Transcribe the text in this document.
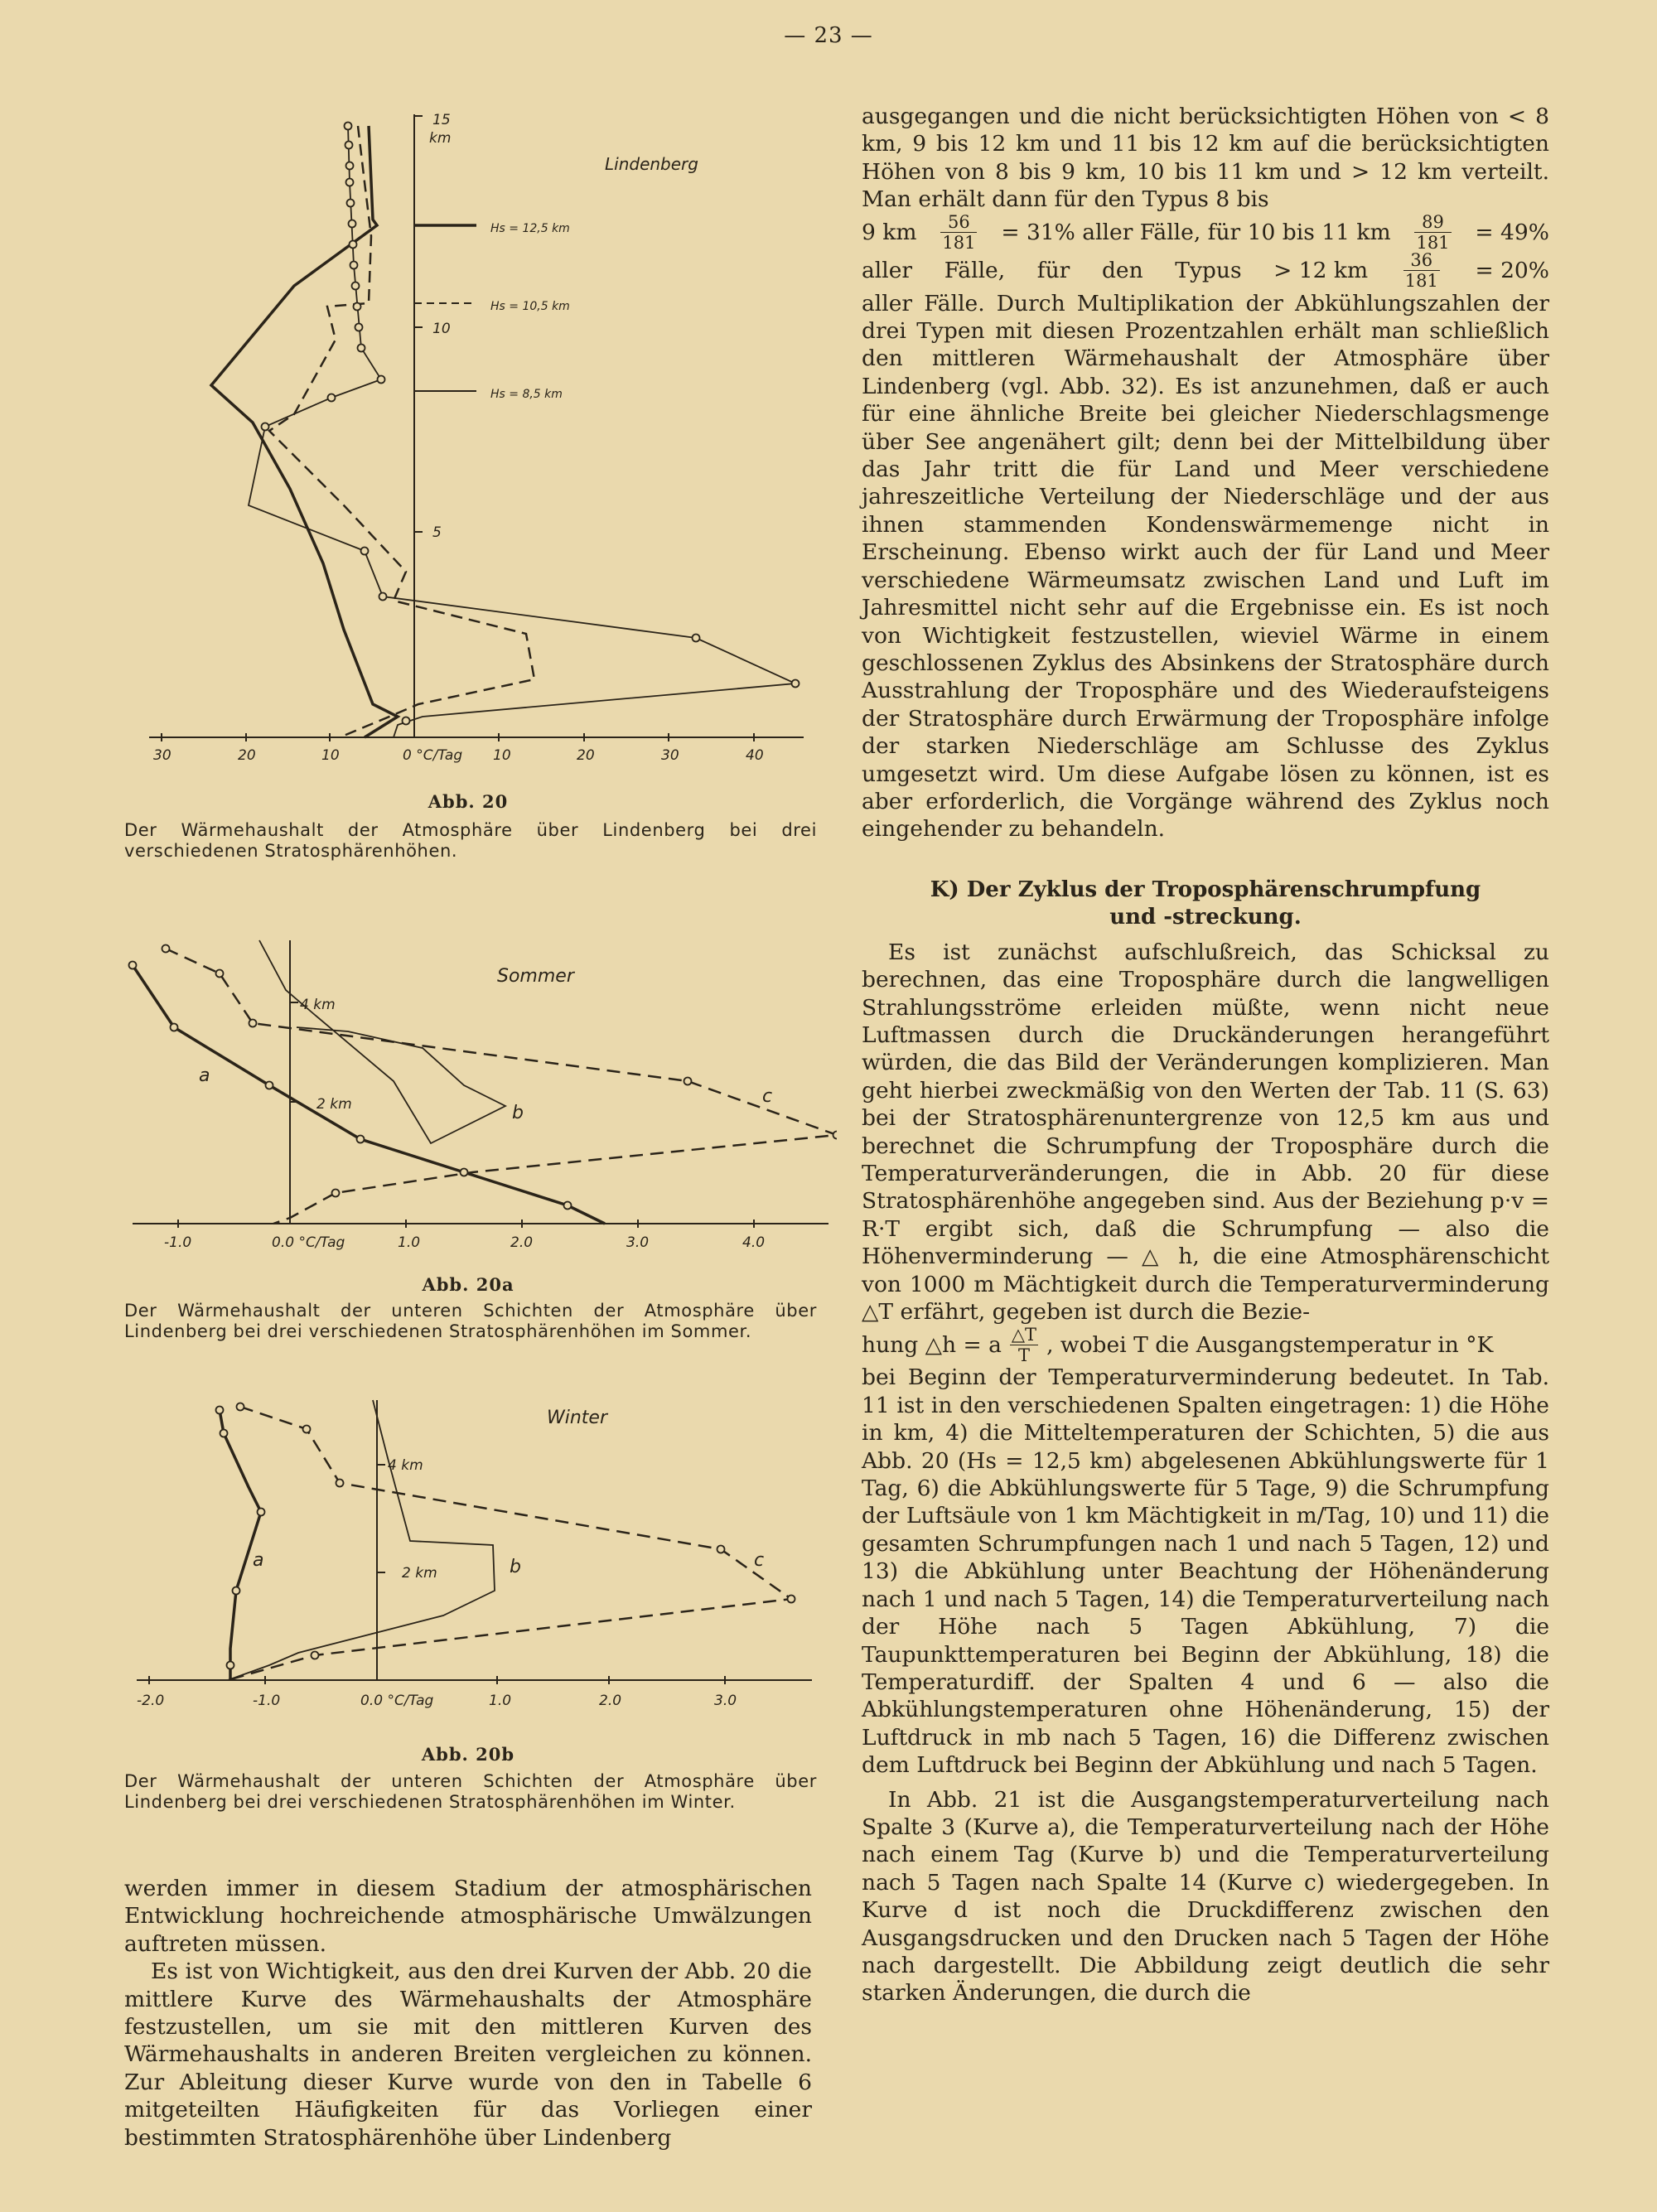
— 23 —
15
km
10
5
30	20	10	0 °C/Tag 10	20	30	40
Hs = 12,5 km
Hs = 10,5 km
Hs = 8,5 km
Lindenberg
Abb. 20
Der Wärmehaushalt der Atmosphäre über Lindenberg bei drei verschiedenen Stratosphärenhöhen.
4 km
2 km
a
b
c
Sommer
-1.0	0.0 °C/Tag	1.0	2.0	3.0	4.0
Abb. 20a
Der Wärmehaushalt der unteren Schichten der Atmosphäre über Lindenberg bei drei verschiedenen Stratosphärenhöhen im Sommer.
4 km
2 km
a	b	c
Winter
-2.0	-1.0	0.0 °C/Tag	1.0	2.0	3.0
Abb. 20b
Der Wärmehaushalt der unteren Schichten der Atmosphäre über Lindenberg bei drei verschiedenen Stratosphärenhöhen im Winter.

werden immer in diesem Stadium der atmosphärischen Entwicklung hochreichende atmosphärische Umwälzungen auftreten müssen.

Es ist von Wichtigkeit, aus den drei Kurven der Abb. 20 die mittlere Kurve des Wärmehaushalts der Atmosphäre festzustellen, um sie mit den mittleren Kurven des Wärmehaushalts in anderen Breiten vergleichen zu können. Zur Ableitung dieser Kurve wurde von den in Tabelle 6 mitgeteilten Häufigkeiten für das Vorliegen einer bestimmten Stratosphärenhöhe über Lindenberg

ausgegangen und die nicht berücksichtigten Höhen von < 8 km, 9 bis 12 km und 11 bis 12 km auf die berücksichtigten Höhen von 8 bis 9 km, 10 bis 11 km und > 12 km verteilt. Man erhält dann für den Typus 8 bis

9 km $\frac{56}{181} = 31\%$ aller Fälle, für 10 bis 11 km $\frac{89}{181} = 49\%$
aller Fälle, für den Typus > 12 km $\frac{36}{181} = 20\%$

aller Fälle. Durch Multiplikation der Abkühlungszahlen der drei Typen mit diesen Prozentzahlen erhält man schließlich den mittleren Wärmehaushalt der Atmosphäre über Lindenberg (vgl. Abb. 32). Es ist anzunehmen, daß er auch für eine ähnliche Breite bei gleicher Niederschlagsmenge über See angenähert gilt; denn bei der Mittelbildung über das Jahr tritt die für Land und Meer verschiedene jahreszeitliche Verteilung der Niederschläge und der aus ihnen stammenden Kondenswärmemenge nicht in Erscheinung. Ebenso wirkt auch der für Land und Meer verschiedene Wärmeumsatz zwischen Land und Luft im Jahresmittel nicht sehr auf die Ergebnisse ein. Es ist noch von Wichtigkeit festzustellen, wieviel Wärme in einem geschlossenen Zyklus des Absinkens der Stratosphäre durch Ausstrahlung der Troposphäre und des Wiederaufsteigens der Stratosphäre durch Erwärmung der Troposphäre infolge der starken Niederschläge am Schlusse des Zyklus umgesetzt wird. Um diese Aufgabe lösen zu können, ist es aber erforderlich, die Vorgänge während des Zyklus noch eingehender zu behandeln.

K) Der Zyklus der Troposphärenschrumpfung
und -streckung.

Es ist zunächst aufschlußreich, das Schicksal zu berechnen, das eine Troposphäre durch die langwelligen Strahlungsströme erleiden müßte, wenn nicht neue Luftmassen durch die Druckänderungen herangeführt würden, die das Bild der Veränderungen komplizieren. Man geht hierbei zweckmäßig von den Werten der Tab. 11 (S. 63) bei der Stratosphärenuntergrenze von 12,5 km aus und berechnet die Schrumpfung der Troposphäre durch die Temperaturveränderungen, die in Abb. 20 für diese Stratosphärenhöhe angegeben sind. Aus der Beziehung p·v = R·T ergibt sich, daß die Schrumpfung — also die Höhenverminderung — △ h, die eine Atmosphärenschicht von 1000 m Mächtigkeit durch die Temperaturverminderung △T erfährt, gegeben ist durch die Bezie-

hung △h = a $\frac{\triangle T}{T}$ , wobei T die Ausgangstemperatur in °K

bei Beginn der Temperaturverminderung bedeutet. In Tab. 11 ist in den verschiedenen Spalten eingetragen: 1) die Höhe in km, 4) die Mitteltemperaturen der Schichten, 5) die aus Abb. 20 (Hs = 12,5 km) abgelesenen Abkühlungswerte für 1 Tag, 6) die Abkühlungswerte für 5 Tage, 9) die Schrumpfung der Luftsäule von 1 km Mächtigkeit in m/Tag, 10) und 11) die gesamten Schrumpfungen nach 1 und nach 5 Tagen, 12) und 13) die Abkühlung unter Beachtung der Höhenänderung nach 1 und nach 5 Tagen, 14) die Temperaturverteilung nach der Höhe nach 5 Tagen Abkühlung, 7) die Taupunkttemperaturen bei Beginn der Abkühlung, 18) die Temperaturdiff. der Spalten 4 und 6 — also die Abkühlungstemperaturen ohne Höhenänderung, 15) der Luftdruck in mb nach 5 Tagen, 16) die Differenz zwischen dem Luftdruck bei Beginn der Abkühlung und nach 5 Tagen.

In Abb. 21 ist die Ausgangstemperaturverteilung nach Spalte 3 (Kurve a), die Temperaturverteilung nach der Höhe nach einem Tag (Kurve b) und die Temperaturverteilung nach 5 Tagen nach Spalte 14 (Kurve c) wiedergegeben. In Kurve d ist noch die Druckdifferenz zwischen den Ausgangsdrucken und den Drucken nach 5 Tagen der Höhe nach dargestellt. Die Abbildung zeigt deutlich die sehr starken Änderungen, die durch die
